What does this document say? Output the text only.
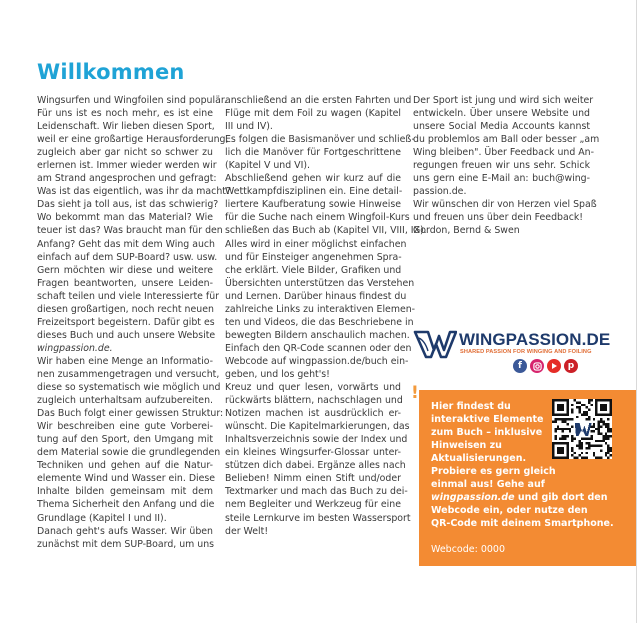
Willkommen
Wingsurfen und Wingfoilen sind populär.
Für uns ist es noch mehr, es ist eine
Leidenschaft. Wir lieben diesen Sport,
weil er eine großartige Herausforderung,
zugleich aber gar nicht so schwer zu
erlernen ist. Immer wieder werden wir
am Strand angesprochen und gefragt:
Was ist das eigentlich, was ihr da macht?
Das sieht ja toll aus, ist das schwierig?
Wo bekommt man das Material? Wie
teuer ist das? Was braucht man für den
Anfang? Geht das mit dem Wing auch
einfach auf dem SUP-Board? usw. usw.
Gern möchten wir diese und weitere
Fragen beantworten, unsere Leiden-
schaft teilen und viele Interessierte für
diesen großartigen, noch recht neuen
Freizeitsport begeistern. Dafür gibt es
dieses Buch und auch unsere Website
wingpassion.de.
Wir haben eine Menge an Informatio-
nen zusammengetragen und versucht,
diese so systematisch wie möglich und
zugleich unterhaltsam aufzubereiten.
Das Buch folgt einer gewissen Struktur:
Wir beschreiben eine gute Vorberei-
tung auf den Sport, den Umgang mit
dem Material sowie die grundlegenden
Techniken und gehen auf die Natur-
elemente Wind und Wasser ein. Diese
Inhalte bilden gemeinsam mit dem
Thema Sicherheit den Anfang und die
Grundlage (Kapitel I und II).
Danach geht's aufs Wasser. Wir üben
zunächst mit dem SUP-Board, um uns
anschließend an die ersten Fahrten und
Flüge mit dem Foil zu wagen (Kapitel
III und IV).
Es folgen die Basismanöver und schließ-
lich die Manöver für Fortgeschrittene
(Kapitel V und VI).
Abschließend gehen wir kurz auf die
Wettkampfdisziplinen ein. Eine detail-
liertere Kaufberatung sowie Hinweise
für die Suche nach einem Wingfoil-Kurs
schließen das Buch ab (Kapitel VII, VIII, IX).
Alles wird in einer möglichst einfachen
und für Einsteiger angenehmen Spra-
che erklärt. Viele Bilder, Grafiken und
Übersichten unterstützen das Verstehen
und Lernen. Darüber hinaus findest du
zahlreiche Links zu interaktiven Elemen-
ten und Videos, die das Beschriebene in
bewegten Bildern anschaulich machen.
Einfach den QR-Code scannen oder den
Webcode auf wingpassion.de/buch ein-
geben, und los geht's!
Kreuz und quer lesen, vorwärts und
rückwärts blättern, nachschlagen und
Notizen machen ist ausdrücklich er-
wünscht. Die Kapitelmarkierungen, das
Inhaltsverzeichnis sowie der Index und
ein kleines Wingsurfer-Glossar unter-
stützen dich dabei. Ergänze alles nach
Belieben! Nimm einen Stift und/oder
Textmarker und mach das Buch zu dei-
nem Begleiter und Werkzeug für eine
steile Lernkurve im besten Wassersport
der Welt!
Der Sport ist jung und wird sich weiter
entwickeln. Über unsere Website und
unsere Social Media Accounts kannst
du problemlos am Ball oder besser „am
Wing bleiben". Über Feedback und An-
regungen freuen wir uns sehr. Schick
uns gern eine E-Mail an: buch@wing-
passion.de.
Wir wünschen dir von Herzen viel Spaß
und freuen uns über dein Feedback!
Gordon, Bernd & Swen
WINGPASSION.DE
SHARED PASSION FOR WINGING AND FOILING
f	p
!
Hier findest du
interaktive Elemente
zum Buch – inklusive
Hinweisen zu
Aktualisierungen.
Probiere es gern gleich
einmal aus! Gehe auf
wingpassion.de und gib dort den
Webcode ein, oder nutze den
QR-Code mit deinem Smartphone.
Webcode: 0000
